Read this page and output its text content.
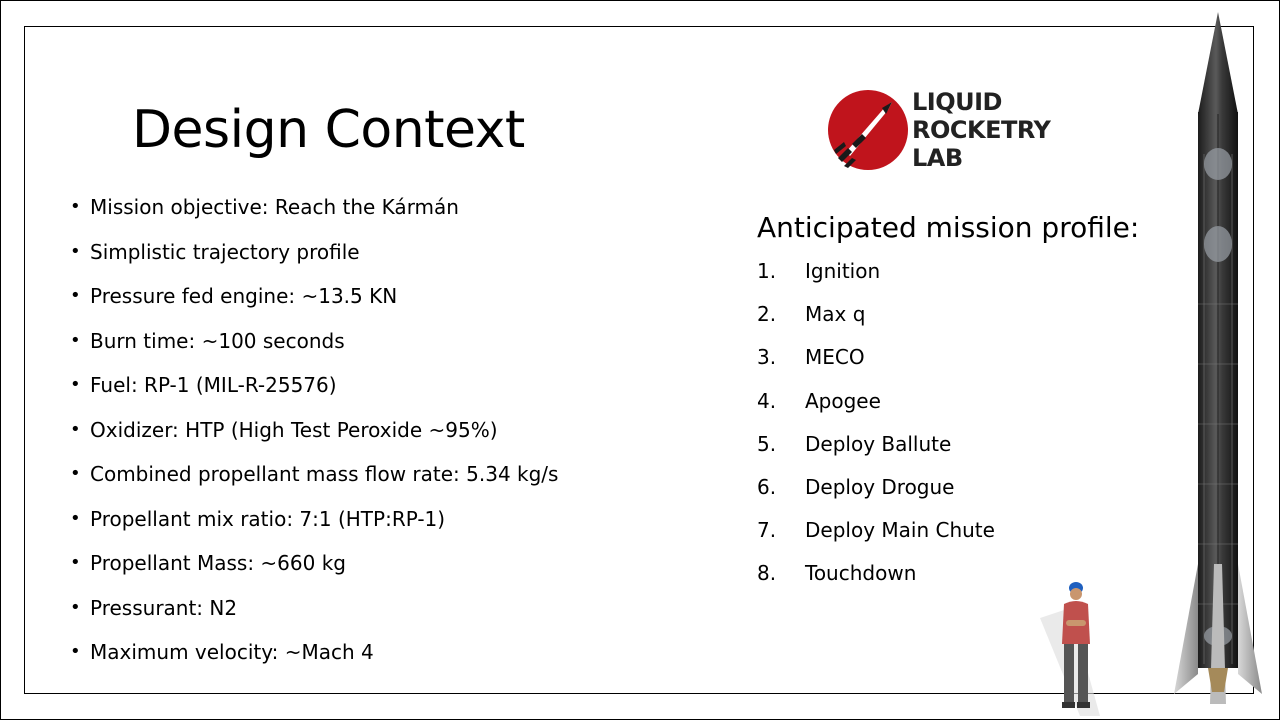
Design Context
• Mission objective: Reach the Kármán
• Simplistic trajectory profile
• Pressure fed engine: ~13.5 KN
• Burn time: ~100 seconds
• Fuel: RP-1 (MIL-R-25576)
• Oxidizer: HTP (High Test Peroxide ~95%)
• Combined propellant mass flow rate: 5.34 kg/s
• Propellant mix ratio: 7:1 (HTP:RP-1)
• Propellant Mass: ~660 kg
• Pressurant: N2
• Maximum velocity: ~Mach 4
LIQUID
ROCKETRY
LAB
Anticipated mission profile:
1. Ignition
2. Max q
3. MECO
4. Apogee
5. Deploy Ballute
6. Deploy Drogue
7. Deploy Main Chute
8. Touchdown
